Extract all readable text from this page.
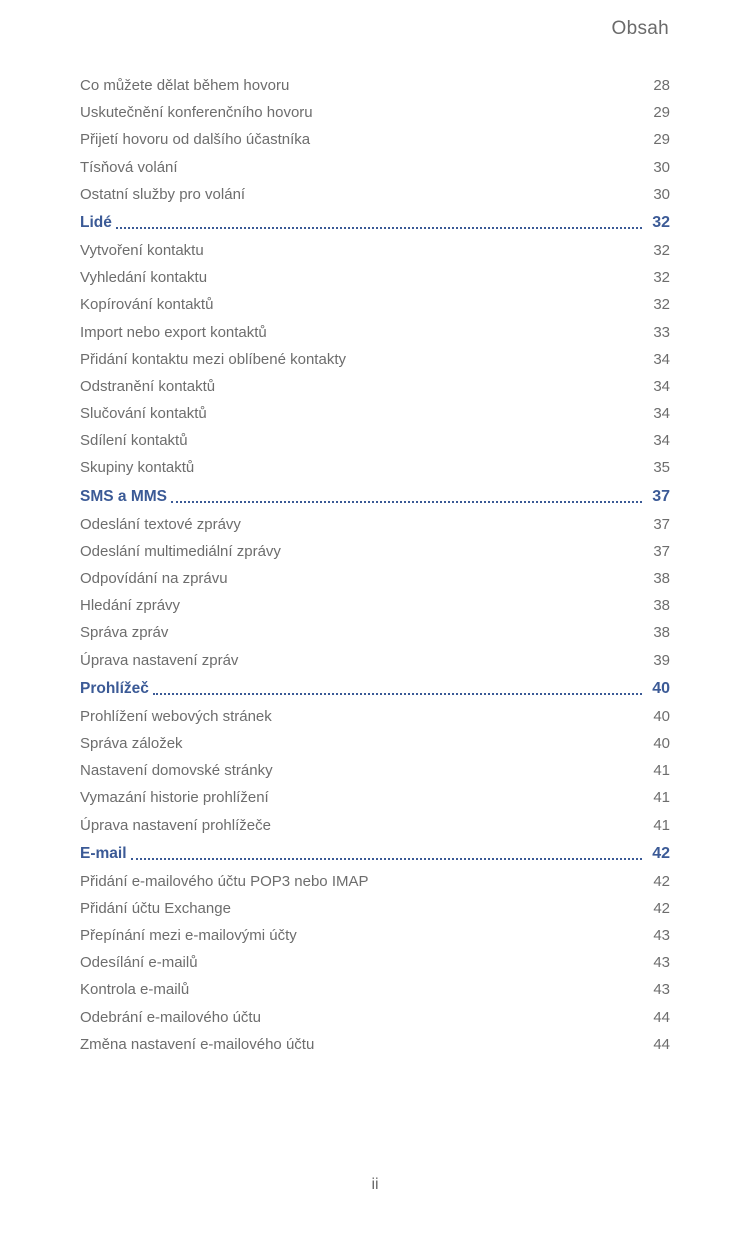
Obsah
Co můžete dělat během hovoru	28
Uskutečnění konferenčního hovoru	29
Přijetí hovoru od dalšího účastníka	29
Tísňová volání	30
Ostatní služby pro volání	30
Lidé	32
Vytvoření kontaktu	32
Vyhledání kontaktu	32
Kopírování kontaktů	32
Import nebo export kontaktů	33
Přidání kontaktu mezi oblíbené kontakty	34
Odstranění kontaktů	34
Slučování kontaktů	34
Sdílení kontaktů	34
Skupiny kontaktů	35
SMS a MMS	37
Odeslání textové zprávy	37
Odeslání multimediální zprávy	37
Odpovídání na zprávu	38
Hledání zprávy	38
Správa zpráv	38
Úprava nastavení zpráv	39
Prohlížeč	40
Prohlížení webových stránek	40
Správa záložek	40
Nastavení domovské stránky	41
Vymazání historie prohlížení	41
Úprava nastavení prohlížeče	41
E-mail	42
Přidání e-mailového účtu POP3 nebo IMAP	42
Přidání účtu Exchange	42
Přepínání mezi e-mailovými účty	43
Odesílání e-mailů	43
Kontrola e-mailů	43
Odebrání e-mailového účtu	44
Změna nastavení e-mailového účtu	44
ii
